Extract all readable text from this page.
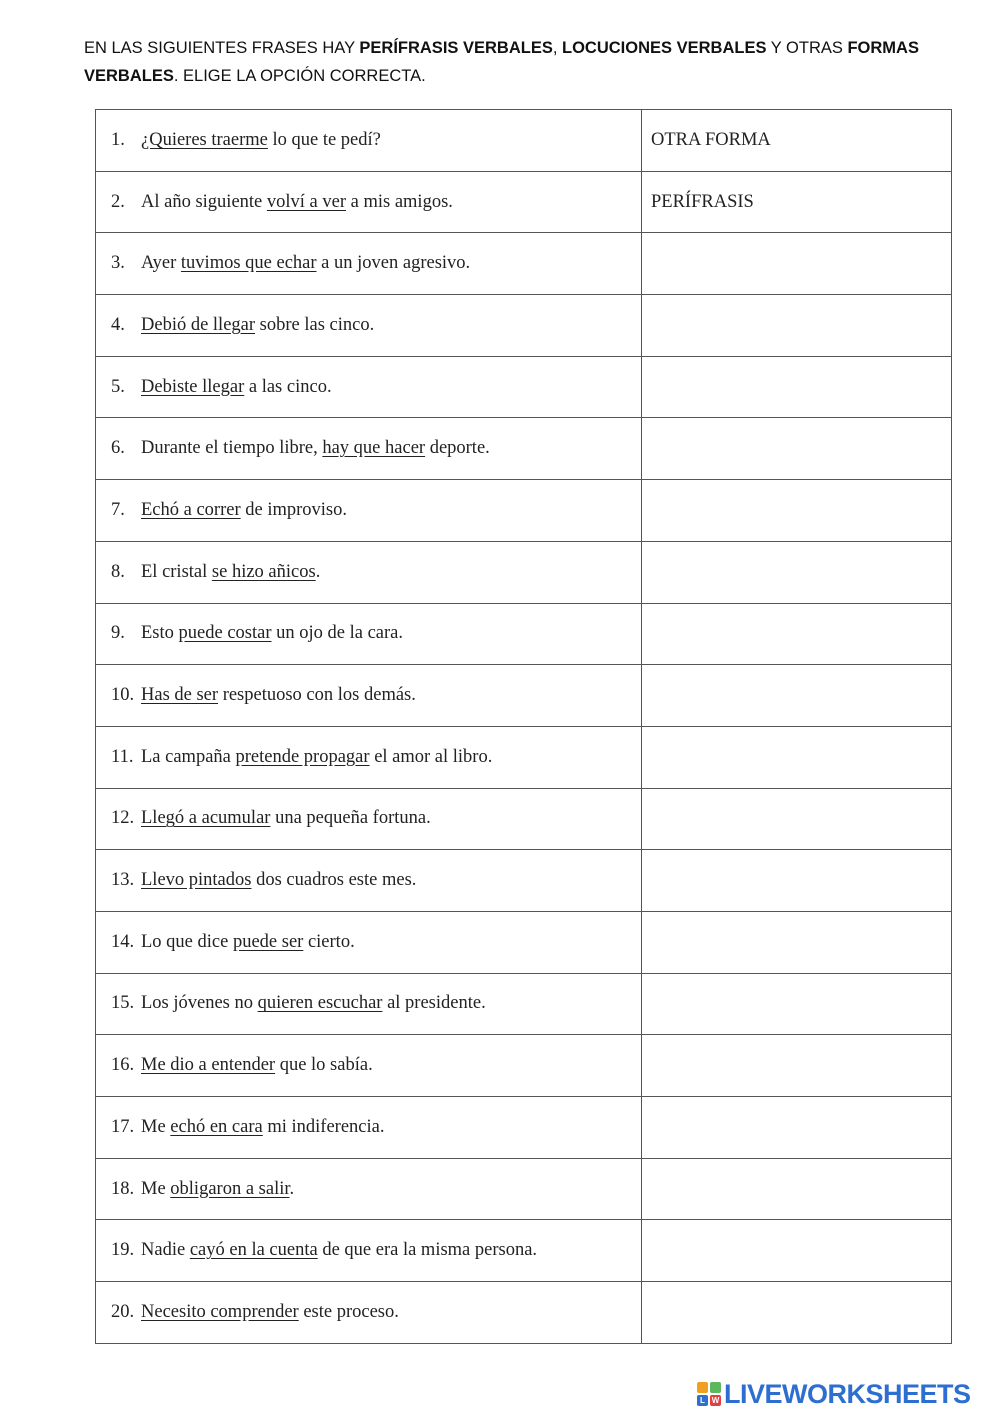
EN LAS SIGUIENTES FRASES HAY PERÍFRASIS VERBALES, LOCUCIONES VERBALES Y OTRAS FORMAS VERBALES. ELIGE LA OPCIÓN CORRECTA.
1. ¿Quieres traerme lo que te pedí?	OTRA FORMA
2. Al año siguiente volví a ver a mis amigos.	PERÍFRASIS
3. Ayer tuvimos que echar a un joven agresivo.	
4. Debió de llegar sobre las cinco.	
5. Debiste llegar a las cinco.	
6. Durante el tiempo libre, hay que hacer deporte.	
7. Echó a correr de improviso.	
8. El cristal se hizo añicos.	
9. Esto puede costar un ojo de la cara.	
10. Has de ser respetuoso con los demás.	
11. La campaña pretende propagar el amor al libro.	
12. Llegó a acumular una pequeña fortuna.	
13. Llevo pintados dos cuadros este mes.	
14. Lo que dice puede ser cierto.	
15. Los jóvenes no quieren escuchar al presidente.	
16. Me dio a entender que lo sabía.	
17. Me echó en cara mi indiferencia.	
18. Me obligaron a salir.	
19. Nadie cayó en la cuenta de que era la misma persona.	
20. Necesito comprender este proceso.	
L W LIVEWORKSHEETS
